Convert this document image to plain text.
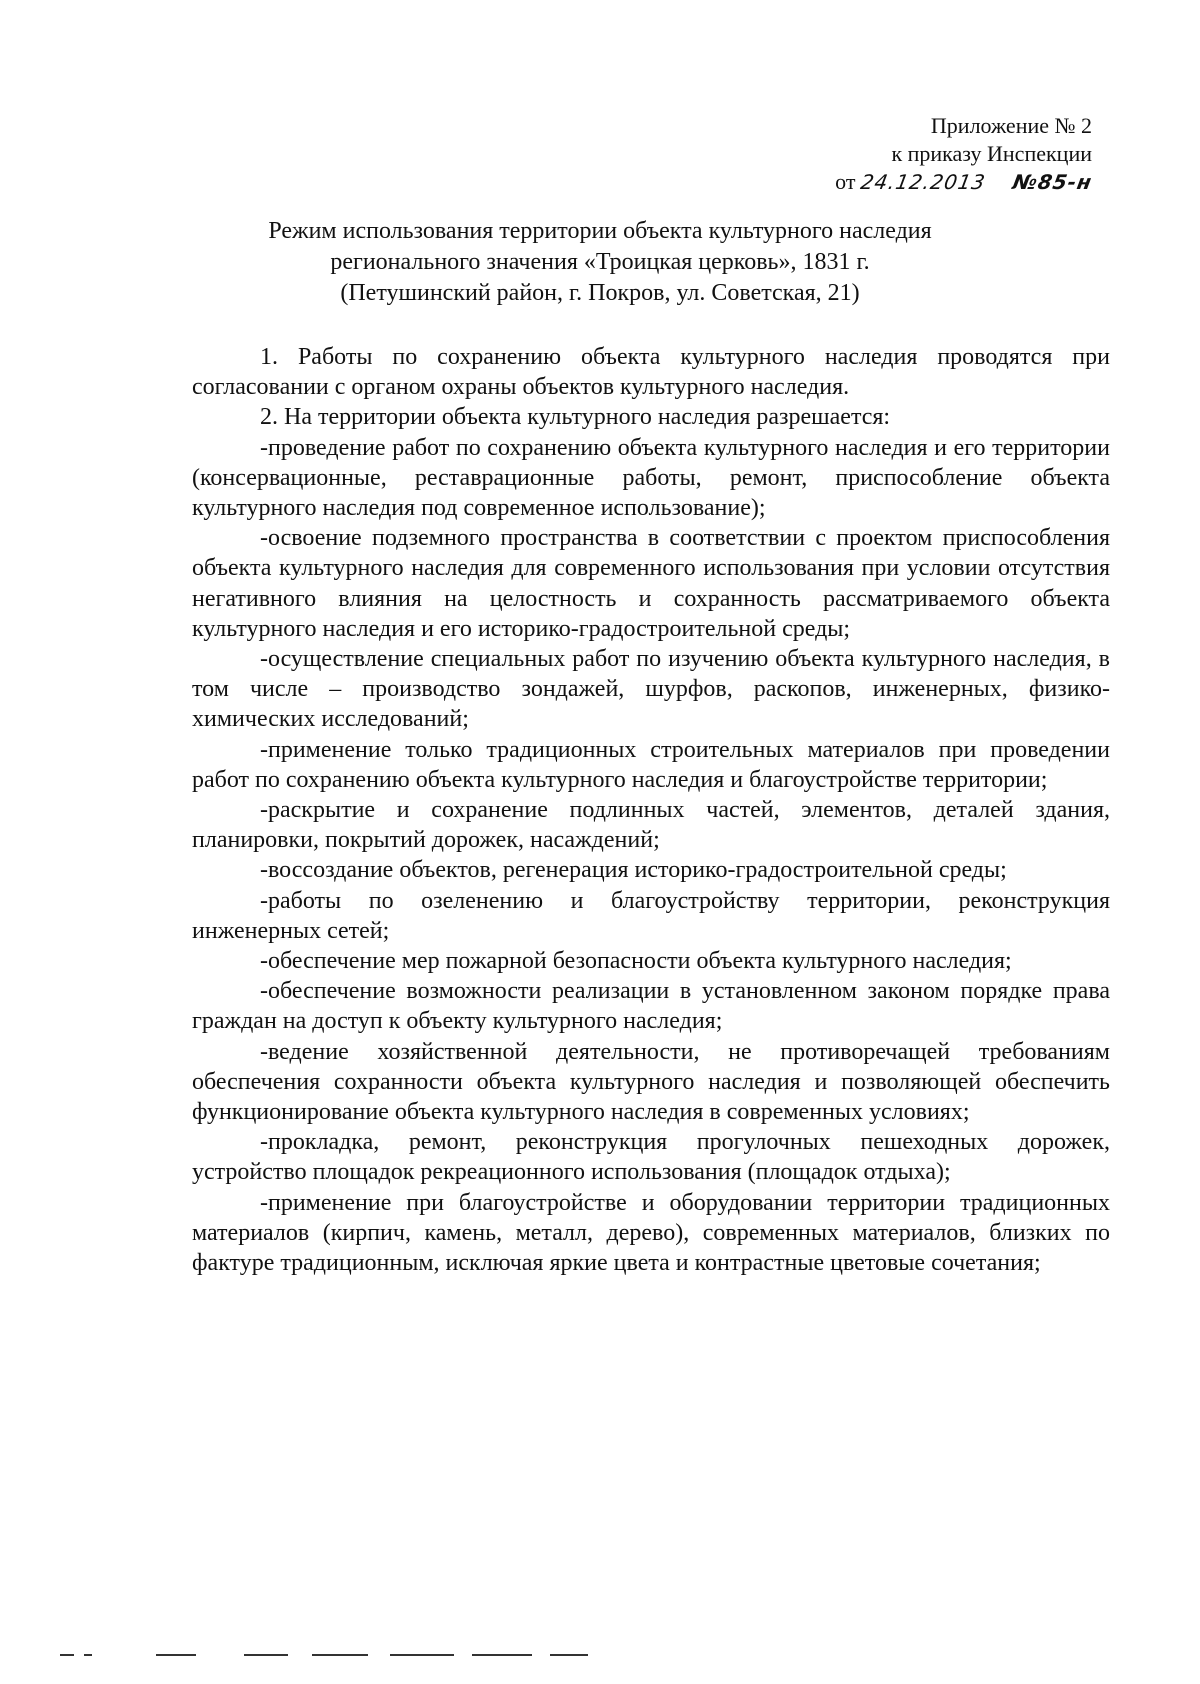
Приложение № 2
к приказу Инспекции
от 24.12.2013 №85-н
Режим использования территории объекта культурного наследия
регионального значения «Троицкая церковь», 1831 г.
(Петушинский район, г. Покров, ул. Советская, 21)

1. Работы по сохранению объекта культурного наследия проводятся при согласовании с органом охраны объектов культурного наследия.

2. На территории объекта культурного наследия разрешается:

-проведение работ по сохранению объекта культурного наследия и его территории (консервационные, реставрационные работы, ремонт, приспособление объекта культурного наследия под современное использование);

-освоение подземного пространства в соответствии с проектом приспособления объекта культурного наследия для современного использования при условии отсутствия негативного влияния на целостность и сохранность рассматриваемого объекта культурного наследия и его историко-градостроительной среды;

-осуществление специальных работ по изучению объекта культурного наследия, в том числе – производство зондажей, шурфов, раскопов, инженерных, физико-химических исследований;

-применение только традиционных строительных материалов при проведении работ по сохранению объекта культурного наследия и благоустройстве территории;

-раскрытие и сохранение подлинных частей, элементов, деталей здания, планировки, покрытий дорожек, насаждений;

-воссоздание объектов, регенерация историко-градостроительной среды;

-работы по озеленению и благоустройству территории, реконструкция инженерных сетей;

-обеспечение мер пожарной безопасности объекта культурного наследия;

-обеспечение возможности реализации в установленном законом порядке права граждан на доступ к объекту культурного наследия;

-ведение хозяйственной деятельности, не противоречащей требованиям обеспечения сохранности объекта культурного наследия и позволяющей обеспечить функционирование объекта культурного наследия в современных условиях;

-прокладка, ремонт, реконструкция прогулочных пешеходных дорожек, устройство площадок рекреационного использования (площадок отдыха);

-применение при благоустройстве и оборудовании территории традиционных материалов (кирпич, камень, металл, дерево), современных материалов, близких по фактуре традиционным, исключая яркие цвета и контрастные цветовые сочетания;
